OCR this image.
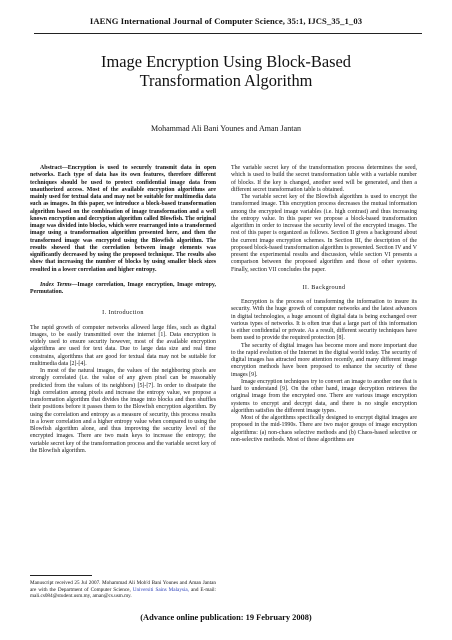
IAENG International Journal of Computer Science, 35:1, IJCS_35_1_03
Image Encryption Using Block-Based
Transformation Algorithm
Mohammad Ali Bani Younes and Aman Jantan

Abstract—Encryption is used to securely transmit data in open networks. Each type of data has its own features, therefore different techniques should be used to protect confidential image data from unauthorized access. Most of the available encryption algorithms are mainly used for textual data and may not be suitable for multimedia data such as images. In this paper, we introduce a block-based transformation algorithm based on the combination of image transformation and a well known encryption and decryption algorithm called Blowfish. The original image was divided into blocks, which were rearranged into a transformed image using a transformation algorithm presented here, and then the transformed image was encrypted using the Blowfish algorithm. The results showed that the correlation between image elements was significantly decreased by using the proposed technique. The results also show that increasing the number of blocks by using smaller block sizes resulted in a lower correlation and higher entropy.

Index Terms—Image correlation, Image encryption, Image entropy, Permutation.

I. Introduction

The rapid growth of computer networks allowed large files, such as digital images, to be easily transmitted over the internet [1]. Data encryption is widely used to ensure security however, most of the available encryption algorithms are used for text data. Due to large data size and real time constrains, algorithms that are good for textual data may not be suitable for multimedia data [2]-[4].

In most of the natural images, the values of the neighboring pixels are strongly correlated (i.e. the value of any given pixel can be reasonably predicted from the values of its neighbors) [5]-[7]. In order to dissipate the high correlation among pixels and increase the entropy value, we propose a transformation algorithm that divides the image into blocks and then shuffles their positions before it passes them to the Blowfish encryption algorithm. By using the correlation and entropy as a measure of security, this process results in a lower correlation and a higher entropy value when compared to using the Blowfish algorithm alone, and thus improving the security level of the encrypted images. There are two main keys to increase the entropy; the variable secret key of the transformation process and the variable secret key of the Blowfish algorithm.

The variable secret key of the transformation process determines the seed, which is used to build the secret transformation table with a variable number of blocks. If the key is changed, another seed will be generated, and then a different secret transformation table is obtained.

The variable secret key of the Blowfish algorithm is used to encrypt the transformed image. This encryption process decreases the mutual information among the encrypted image variables (i.e. high contrast) and thus increasing the entropy value. In this paper we propose a block-based transformation algorithm in order to increase the security level of the encrypted images. The rest of this paper is organized as follows. Section II gives a background about the current image encryption schemes. In Section III, the description of the proposed block-based transformation algorithm is presented. Section IV and V present the experimental results and discussion, while section VI presents a comparison between the proposed algorithm and those of other systems. Finally, section VII concludes the paper.

II. Background

Encryption is the process of transforming the information to insure its security. With the huge growth of computer networks and the latest advances in digital technologies, a huge amount of digital data is being exchanged over various types of networks. It is often true that a large part of this information is either confidential or private. As a result, different security techniques have been used to provide the required protection [8].

The security of digital images has become more and more important due to the rapid evolution of the Internet in the digital world today. The security of digital images has attracted more attention recently, and many different image encryption methods have been proposed to enhance the security of these images [9].

Image encryption techniques try to convert an image to another one that is hard to understand [9]. On the other hand, image decryption retrieves the original image from the encrypted one. There are various image encryption systems to encrypt and decrypt data, and there is no single encryption algorithm satisfies the different image types.

Most of the algorithms specifically designed to encrypt digital images are proposed in the mid-1990s. There are two major groups of image encryption algorithms: (a) non-chaos selective methods and (b) Chaos-based selective or non-selective methods. Most of these algorithms are

Manuscript received 25 Jul 2007. Mohammad Ali Moh'd Bani Younes and Aman Jantan are with the Department of Computer Science, Universiti Sains Malaysia, and E-mail: mali.cs084@student.usm.my, aman@cs.usm.my.
(Advance online publication: 19 February 2008)
